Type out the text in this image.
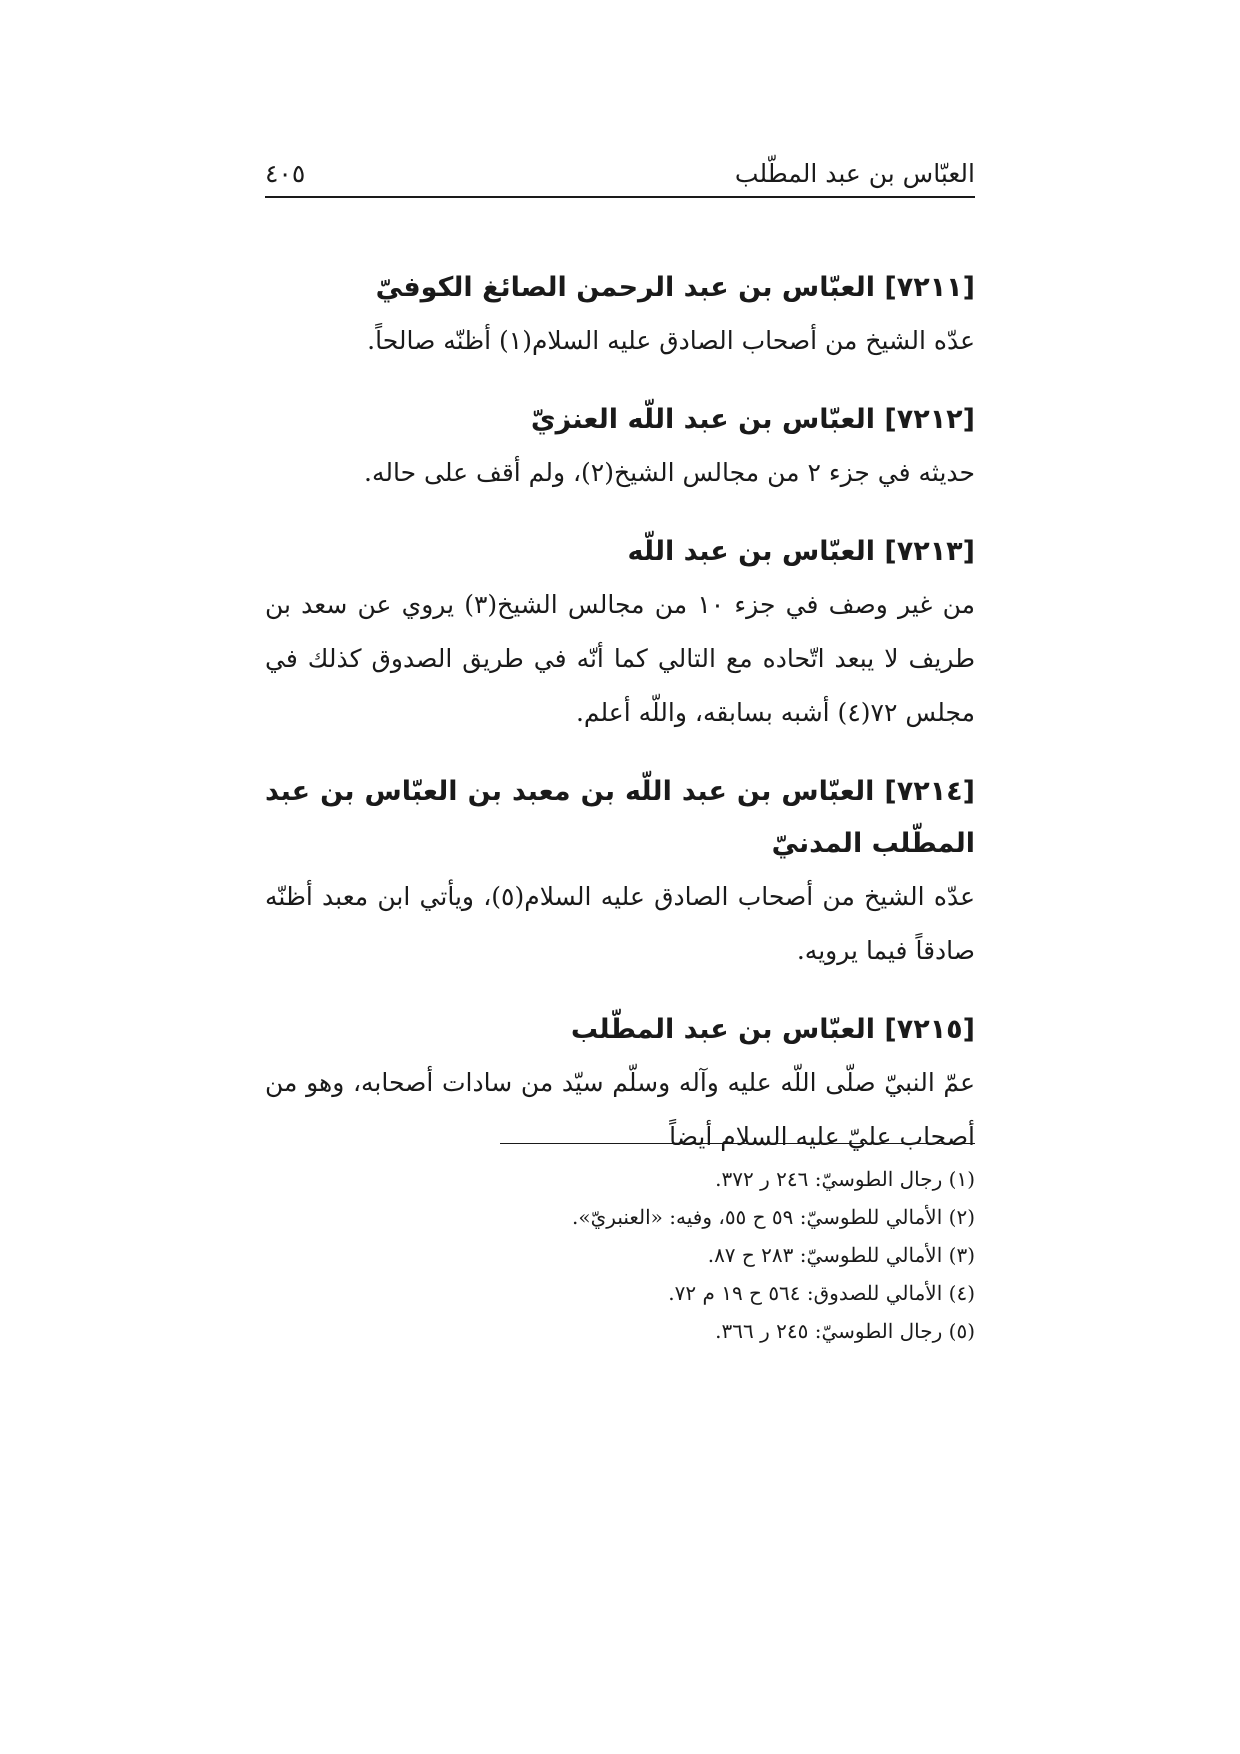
العبّاس بن عبد المطّلب
٤٠٥

[٧٢١١] العبّاس بن عبد الرحمن الصائغ الكوفيّ

عدّه الشيخ من أصحاب الصادق عليه السلام(١) أظنّه صالحاً.

[٧٢١٢] العبّاس بن عبد اللّه العنزيّ

حديثه في جزء ٢ من مجالس الشيخ(٢)، ولم أقف على حاله.

[٧٢١٣] العبّاس بن عبد اللّه

من غير وصف في جزء ١٠ من مجالس الشيخ(٣) يروي عن سعد بن طريف لا يبعد اتّحاده مع التالي كما أنّه في طريق الصدوق كذلك في مجلس ٧٢(٤) أشبه بسابقه، واللّه أعلم.

[٧٢١٤] العبّاس بن عبد اللّه بن معبد بن العبّاس بن عبد المطّلب المدنيّ

عدّه الشيخ من أصحاب الصادق عليه السلام(٥)، ويأتي ابن معبد أظنّه صادقاً فيما يرويه.

[٧٢١٥] العبّاس بن عبد المطّلب

عمّ النبيّ صلّى اللّه عليه وآله وسلّم سيّد من سادات أصحابه، وهو من أصحاب عليّ عليه السلام أيضاً

(١) رجال الطوسيّ: ٢٤٦ ر ٣٧٢.

(٢) الأمالي للطوسيّ: ٥٩ ح ٥٥، وفيه: «العنبريّ».

(٣) الأمالي للطوسيّ: ٢٨٣ ح ٨٧.

(٤) الأمالي للصدوق: ٥٦٤ ح ١٩ م ٧٢.

(٥) رجال الطوسيّ: ٢٤٥ ر ٣٦٦.
